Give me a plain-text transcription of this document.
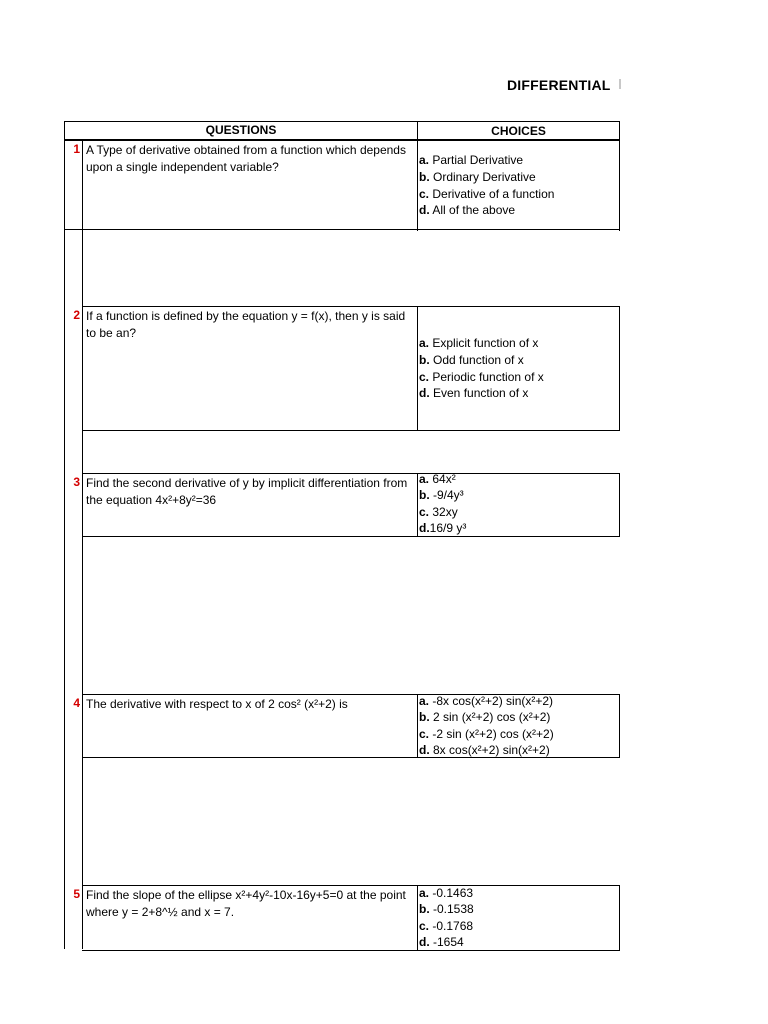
DIFFERENTIAL
QUESTIONS	CHOICES
1 A Type of derivative obtained from a function which depends upon a single independent variable?	a. Partial Derivative
b. Ordinary Derivative
c. Derivative of a function
d. All of the above
2 If a function is defined by the equation y = f(x), then y is said to be an?
a. Explicit function of x
b. Odd function of x
c. Periodic function of x
d. Even function of x
3 Find the second derivative of y by implicit differentiation from the equation 4x²+8y²=36
a. 64x²
b. -9/4y³
c. 32xy
d.16/9 y³
4 The derivative with respect to x of 2 cos² (x²+2) is	a. -8x cos(x²+2) sin(x²+2)
b. 2 sin (x²+2) cos (x²+2)
c. -2 sin (x²+2) cos (x²+2)
d. 8x cos(x²+2) sin(x²+2)
5 Find the slope of the ellipse x²+4y²-10x-16y+5=0 at the point where y = 2+8^½ and x = 7.
a. -0.1463
b. -0.1538
c. -0.1768
d. -1654
